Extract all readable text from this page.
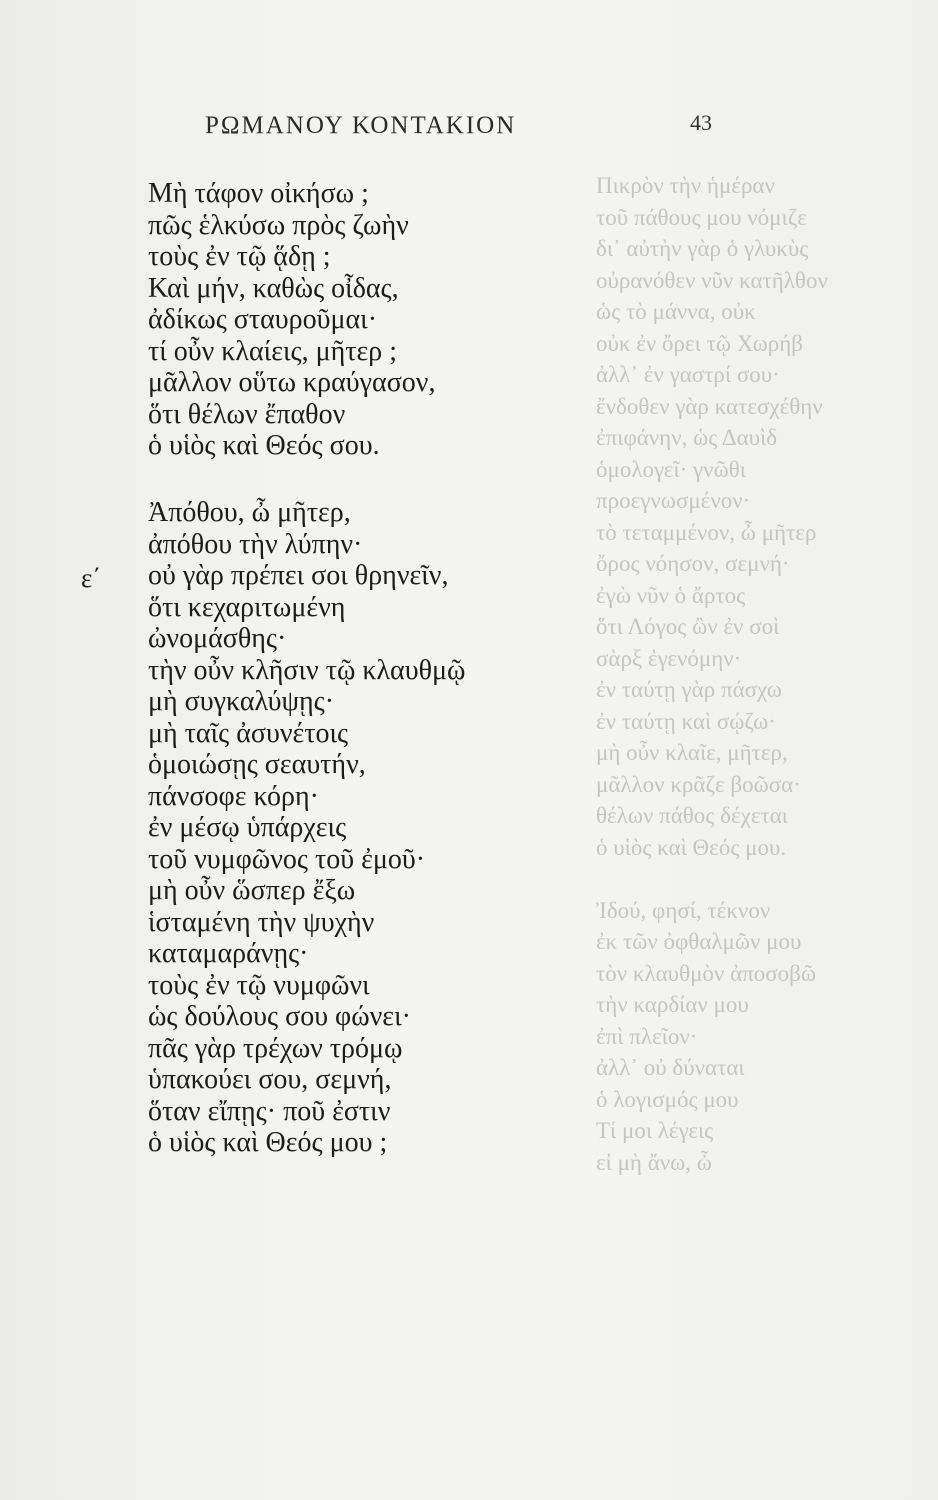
Πικρὸν τὴν ἡμέραν
τοῦ πάθους μου νόμιζε
δι᾽ αὐτὴν γὰρ ὁ γλυκὺς
οὐρανόθεν νῦν κατῆλθον
ὡς τὸ μάννα, οὐκ
οὐκ ἐν ὄρει τῷ Χωρήβ
ἀλλ᾽ ἐν γαστρί σου·
ἔνδοθεν γὰρ κατεσχέθην
ἐπιφάνην, ὡς Δαυὶδ
ὁμολογεῖ· γνῶθι
προεγνωσμένον·
τὸ τεταμμένον, ὦ μῆτερ
ὄρος νόησον, σεμνή·
ἐγὼ νῦν ὁ ἄρτος
ὅτι Λόγος ὢν ἐν σοὶ
σὰρξ ἐγενόμην·
ἐν ταύτῃ γὰρ πάσχω
ἐν ταύτῃ καὶ σῴζω·
μὴ οὖν κλαῖε, μῆτερ,
μᾶλλον κρᾶζε βοῶσα·
θέλων πάθος δέχεται
ὁ υἱὸς καὶ Θεός μου.

Ἰδού, φησί, τέκνον
ἐκ τῶν ὀφθαλμῶν μου
τὸν κλαυθμὸν ἀποσοβῶ
τὴν καρδίαν μου
ἐπὶ πλεῖον·
ἀλλ᾽ οὐ δύναται
ὁ λογισμός μου
Τί μοι λέγεις
εἰ μὴ ἄνω, ὦ
ΡΩΜΑΝΟΥ ΚΟΝΤΑΚΙΟΝ	43
ε΄
Μὴ τάφον οἰκήσω ;
πῶς ἑλκύσω πρὸς ζωὴν
τοὺς ἐν τῷ ᾅδῃ ;
Καὶ μήν, καθὼς οἶδας,
ἀδίκως σταυροῦμαι·
τί οὖν κλαίεις, μῆτερ ;
μᾶλλον οὕτω κραύγασον,
ὅτι θέλων ἔπαθον
ὁ υἱὸς καὶ Θεός σου.
Ἀπόθου, ὦ μῆτερ,
ἀπόθου τὴν λύπην·
οὐ γὰρ πρέπει σοι θρηνεῖν,
ὅτι κεχαριτωμένη
ὠνομάσθης·
τὴν οὖν κλῆσιν τῷ κλαυθμῷ
μὴ συγκαλύψῃς·
μὴ ταῖς ἀσυνέτοις
ὁμοιώσῃς σεαυτήν,
πάνσοφε κόρη·
ἐν μέσῳ ὑπάρχεις
τοῦ νυμφῶνος τοῦ ἐμοῦ·
μὴ οὖν ὥσπερ ἔξω
ἱσταμένη τὴν ψυχὴν
καταμαράνῃς·
τοὺς ἐν τῷ νυμφῶνι
ὡς δούλους σου φώνει·
πᾶς γὰρ τρέχων τρόμῳ
ὑπακούει σου, σεμνή,
ὅταν εἴπῃς· ποῦ ἐστιν
ὁ υἱὸς καὶ Θεός μου ;
